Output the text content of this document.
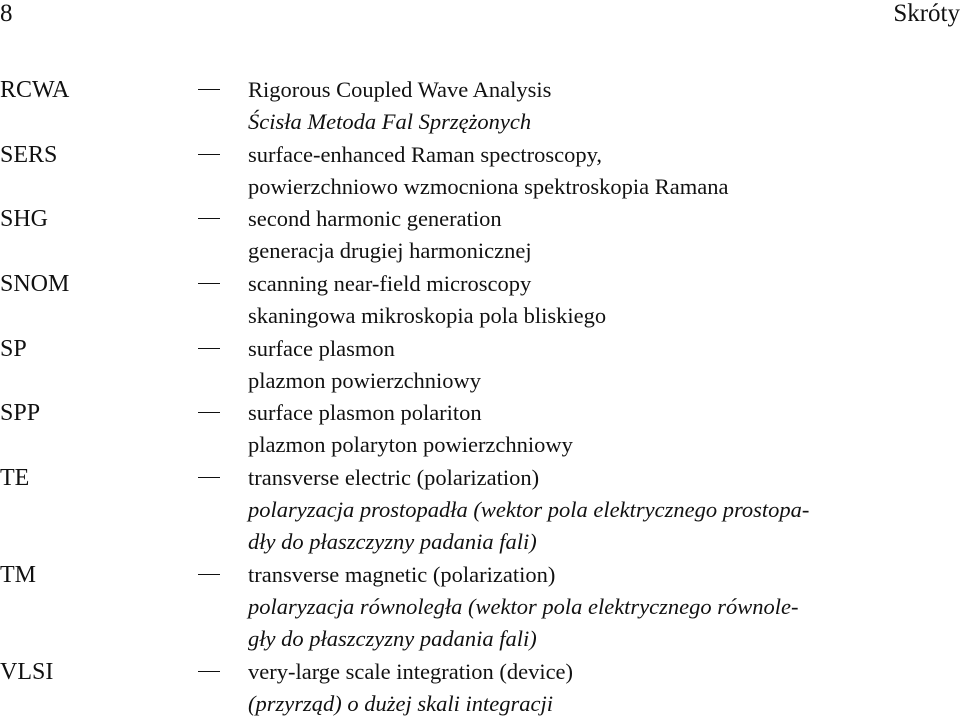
8	Skróty
RCWA	Rigorous Coupled Wave Analysis
Ścisła Metoda Fal Sprzężonych
SERS	surface-enhanced Raman spectroscopy,
powierzchniowo wzmocniona spektroskopia Ramana
SHG	second harmonic generation
generacja drugiej harmonicznej
SNOM	scanning near-field microscopy
skaningowa mikroskopia pola bliskiego
SP	surface plasmon
plazmon powierzchniowy
SPP	surface plasmon polariton
plazmon polaryton powierzchniowy
TE	transverse electric (polarization)
polaryzacja prostopadła (wektor pola elektrycznego prostopa-
dły do płaszczyzny padania fali)
TM	transverse magnetic (polarization)
polaryzacja równoległa (wektor pola elektrycznego równole-
gły do płaszczyzny padania fali)
VLSI	very-large scale integration (device)
(przyrząd) o dużej skali integracji
